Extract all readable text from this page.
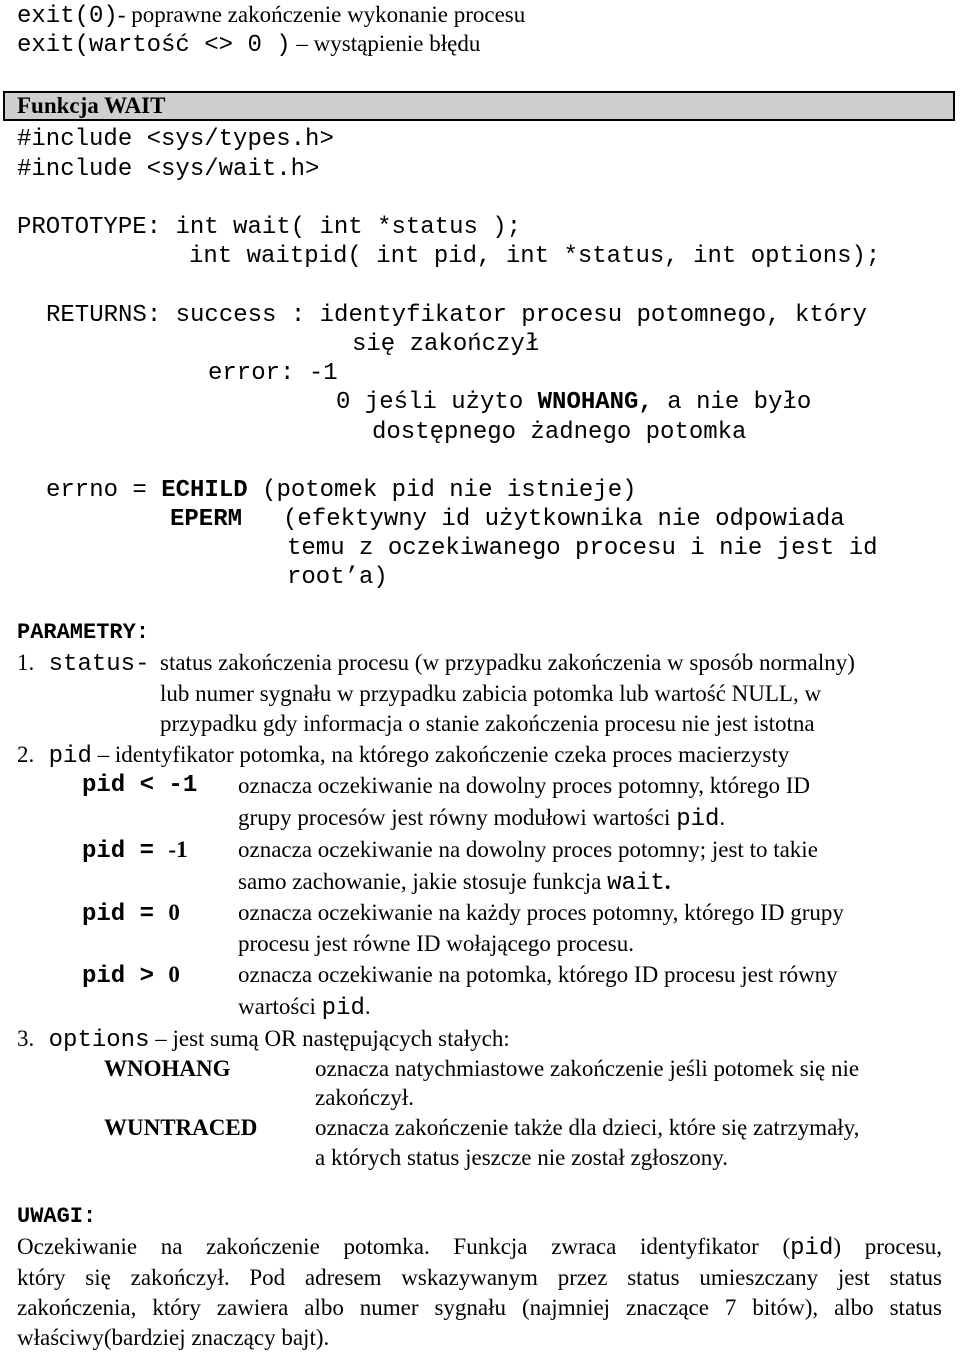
exit(0)- poprawne zakończenie wykonanie procesu
exit(wartość <> 0 ) – wystąpienie błędu
Funkcja WAIT
#include <sys/types.h>
#include <sys/wait.h>
PROTOTYPE: int wait( int *status );
int waitpid( int pid, int *status, int options);
RETURNS: success : identyfikator procesu potomnego, który
się zakończył
error: -1
0 jeśli użyto WNOHANG, a nie było
dostępnego żadnego potomka
errno = ECHILD (potomek pid nie istnieje)
EPERM (efektywny id użytkownika nie odpowiada
temu z oczekiwanego procesu i nie jest id
root’a)
PARAMETRY:
1. status- status zakończenia procesu (w przypadku zakończenia w sposób normalny)
lub numer sygnału w przypadku zabicia potomka lub wartość NULL, w
przypadku gdy informacja o stanie zakończenia procesu nie jest istotna
2. pid – identyfikator potomka, na którego zakończenie czeka proces macierzysty
pid < -1 oznacza oczekiwanie na dowolny proces potomny, którego ID
grupy procesów jest równy modułowi wartości pid.
pid = -1 oznacza oczekiwanie na dowolny proces potomny; jest to takie
samo zachowanie, jakie stosuje funkcja wait.
pid = 0	oznacza oczekiwanie na każdy proces potomny, którego ID grupy
procesu jest równe ID wołającego procesu.
pid > 0	oznacza oczekiwanie na potomka, którego ID procesu jest równy
wartości pid.
3. options – jest sumą OR następujących stałych:
WNOHANG	oznacza natychmiastowe zakończenie jeśli potomek się nie
zakończył.
WUNTRACED	oznacza zakończenie także dla dzieci, które się zatrzymały,
a których status jeszcze nie został zgłoszony.
UWAGI:
Oczekiwanie na zakończenie potomka. Funkcja zwraca identyfikator (pid) procesu,
który się zakończył. Pod adresem wskazywanym przez status umieszczany jest status
zakończenia, który zawiera albo numer sygnału (najmniej znaczące 7 bitów), albo status
właściwy(bardziej znaczący bajt).
